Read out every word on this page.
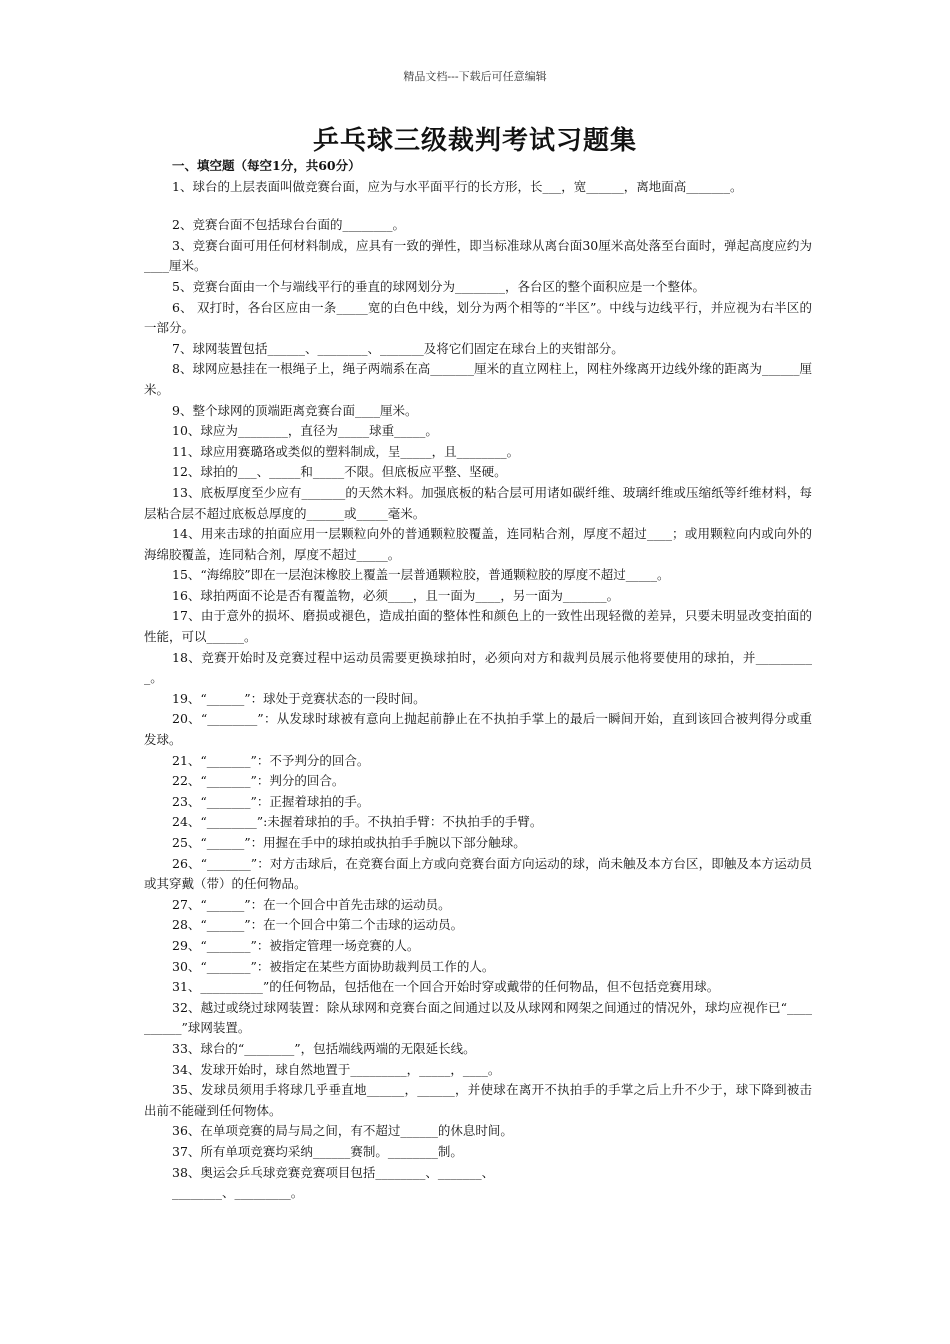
精品文档---下载后可任意编辑
乒乓球三级裁判考试习题集

一、填空题（每空1分，共60分）

1、球台的上层表面叫做竞赛台面，应为与水平面平行的长方形，长___，宽______，离地面高_______。

2、竞赛台面不包括球台台面的________。

3、竞赛台面可用任何材料制成，应具有一致的弹性，即当标准球从离台面30厘米高处落至台面时，弹起高度应约为____厘米。

5、竞赛台面由一个与端线平行的垂直的球网划分为________，各台区的整个面积应是一个整体。

6、 双打时，各台区应由一条_____宽的白色中线，划分为两个相等的“半区”。中线与边线平行，并应视为右半区的一部分。

7、球网装置包括______、________、_______及将它们固定在球台上的夹钳部分。

8、球网应悬挂在一根绳子上，绳子两端系在高_______厘米的直立网柱上，网柱外缘离开边线外缘的距离为______厘米。

9、整个球网的顶端距离竞赛台面____厘米。

10、球应为________，直径为_____球重_____。

11、球应用赛璐珞或类似的塑料制成，呈_____，且________。

12、球拍的___、_____和_____不限。但底板应平整、坚硬。

13、底板厚度至少应有_______的天然木料。加强底板的粘合层可用诸如碳纤维、玻璃纤维或压缩纸等纤维材料，每层粘合层不超过底板总厚度的______或_____毫米。

14、用来击球的拍面应用一层颗粒向外的普通颗粒胶覆盖，连同粘合剂，厚度不超过____；或用颗粒向内或向外的海绵胶覆盖，连同粘合剂，厚度不超过_____。

15、“海绵胶”即在一层泡沫橡胶上覆盖一层普通颗粒胶，普通颗粒胶的厚度不超过_____。

16、球拍两面不论是否有覆盖物，必须____，且一面为____，另一面为_______。

17、由于意外的损坏、磨损或褪色，造成拍面的整体性和颜色上的一致性出现轻微的差异，只要未明显改变拍面的性能，可以______。

18、竞赛开始时及竞赛过程中运动员需要更换球拍时，必须向对方和裁判员展示他将要使用的球拍，并__________。

19、“______”：球处于竞赛状态的一段时间。

20、“________”：从发球时球被有意向上抛起前静止在不执拍手掌上的最后一瞬间开始，直到该回合被判得分或重发球。

21、“_______”：不予判分的回合。

22、“_______”：判分的回合。

23、“_______”：正握着球拍的手。

24、“________”:未握着球拍的手。不执拍手臂：不执拍手的手臂。

25、“______”：用握在手中的球拍或执拍手手腕以下部分触球。

26、“_______”：对方击球后，在竞赛台面上方或向竞赛台面方向运动的球，尚未触及本方台区，即触及本方运动员或其穿戴（带）的任何物品。

27、“______”：在一个回合中首先击球的运动员。

28、“______”：在一个回合中第二个击球的运动员。

29、“_______”：被指定管理一场竞赛的人。

30、“_______”：被指定在某些方面协助裁判员工作的人。

31、__________”的任何物品，包括他在一个回合开始时穿或戴带的任何物品，但不包括竞赛用球。

32、越过或绕过球网装置：除从球网和竞赛台面之间通过以及从球网和网架之间通过的情况外，球均应视作已“__________”球网装置。

33、球台的“________”，包括端线两端的无限延长线。

34、发球开始时，球自然地置于_________，_____，____。

35、发球员须用手将球几乎垂直地______，______，并使球在离开不执拍手的手掌之后上升不少于，球下降到被击出前不能碰到任何物体。

36、在单项竞赛的局与局之间，有不超过______的休息时间。

37、所有单项竞赛均采纳______赛制。________制。

38、奥运会乒乓球竞赛竞赛项目包括________、_______、

________、_________。
